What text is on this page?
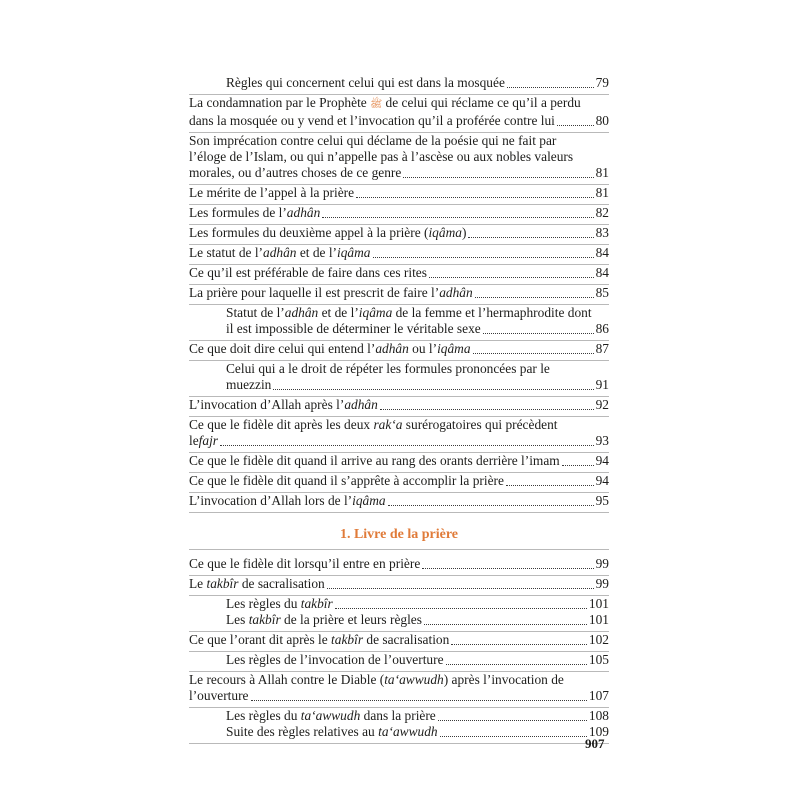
Règles qui concernent celui qui est dans la mosquée	79
La condamnation par le Prophète ﷺ de celui qui réclame ce qu’il a perdu
dans la mosquée ou y vend et l’invocation qu’il a proférée contre lui	80
Son imprécation contre celui qui déclame de la poésie qui ne fait par
l’éloge de l’Islam, ou qui n’appelle pas à l’ascèse ou aux nobles valeurs
morales, ou d’autres choses de ce genre	81
Le mérite de l’appel à la prière	81
Les formules de l’adhân	82
Les formules du deuxième appel à la prière (iqâma)	83
Le statut de l’adhân et de l’iqâma	84
Ce qu’il est préférable de faire dans ces rites	84
La prière pour laquelle il est prescrit de faire l’adhân	85
Statut de l’adhân et de l’iqâma de la femme et l’hermaphrodite dont
il est impossible de déterminer le véritable sexe	86
Ce que doit dire celui qui entend l’adhân ou l’iqâma	87
Celui qui a le droit de répéter les formules prononcées par le
muezzin	91
L’invocation d’Allah après l’adhân	92
Ce que le fidèle dit après les deux rak‘a surérogatoires qui précèdent
le fajr	93
Ce que le fidèle dit quand il arrive au rang des orants derrière l’imam	94
Ce que le fidèle dit quand il s’apprête à accomplir la prière	94
L’invocation d’Allah lors de l’iqâma	95
1. Livre de la prière
Ce que le fidèle dit lorsqu’il entre en prière	99
Le takbîr de sacralisation	99
Les règles du takbîr	101
Les takbîr de la prière et leurs règles	101
Ce que l’orant dit après le takbîr de sacralisation	102
Les règles de l’invocation de l’ouverture	105
Le recours à Allah contre le Diable (ta‘awwudh) après l’invocation de
l’ouverture	107
Les règles du ta‘awwudh dans la prière	108
Suite des règles relatives au ta‘awwudh	109
907
